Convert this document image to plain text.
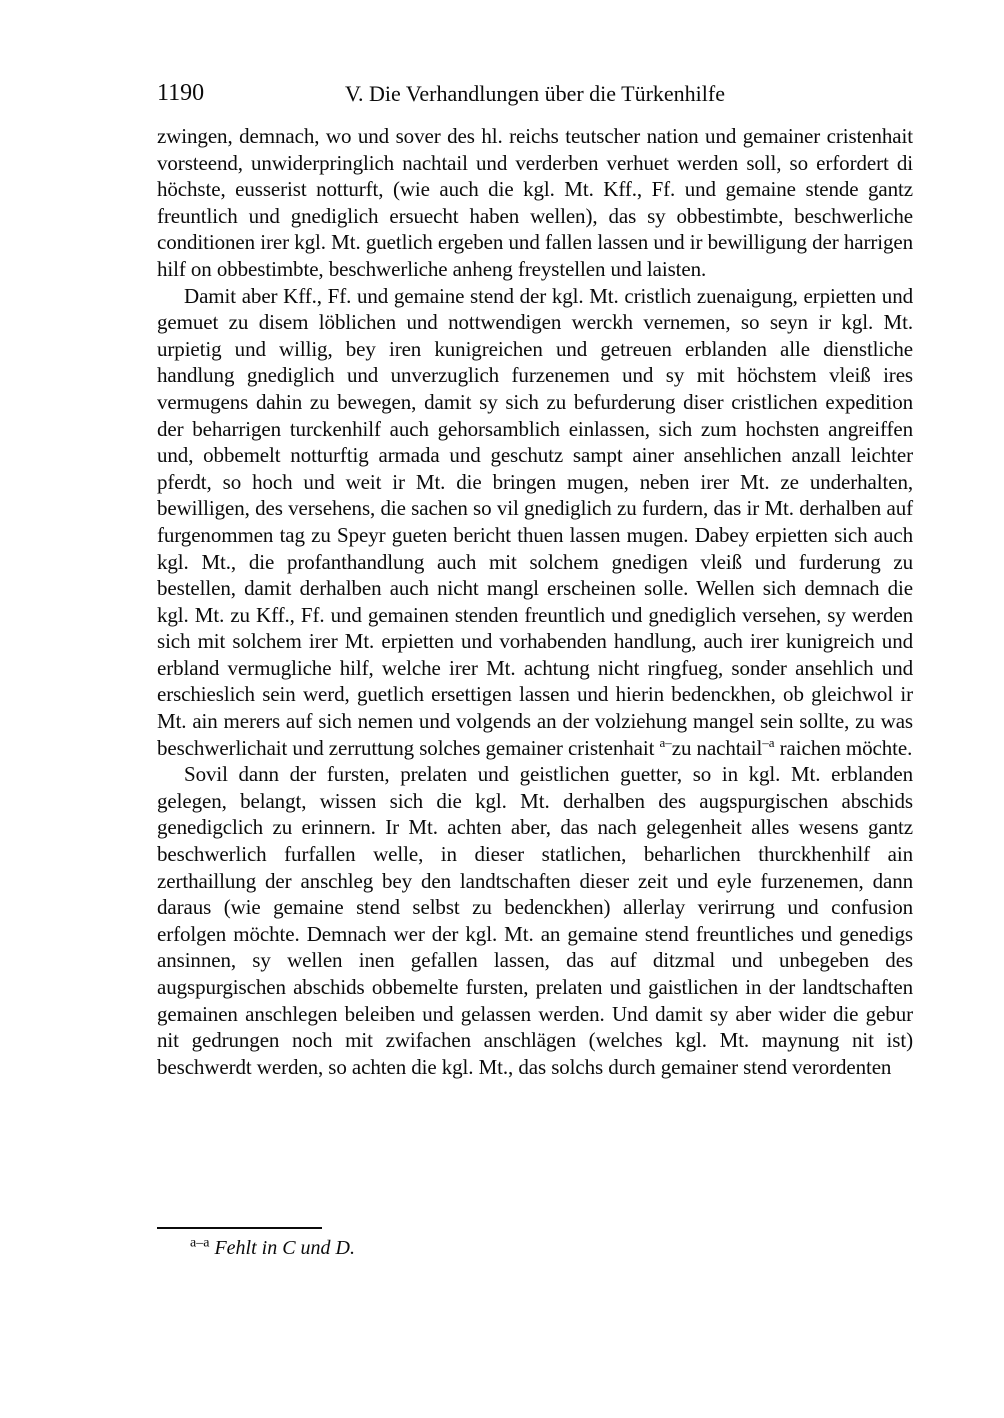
1190	V. Die Verhandlungen über die Türkenhilfe

zwingen, demnach, wo und sover des hl. reichs teutscher nation und gemainer cristenhait vorsteend, unwiderpringlich nachtail und verderben verhuet werden soll, so erfordert di höchste, eusserist notturft, (wie auch die kgl. Mt. Kff., Ff. und gemaine stende gantz freuntlich und gnediglich ersuecht haben wellen), das sy obbestimbte, beschwerliche conditionen irer kgl. Mt. guetlich ergeben und fallen lassen und ir bewilligung der harrigen hilf on obbestimbte, beschwerliche anheng freystellen und laisten.

Damit aber Kff., Ff. und gemaine stend der kgl. Mt. cristlich zuenaigung, erpietten und gemuet zu disem löblichen und nottwendigen werckh vernemen, so seyn ir kgl. Mt. urpietig und willig, bey iren kunigreichen und getreuen erblanden alle dienstliche handlung gnediglich und unverzuglich furzenemen und sy mit höchstem vleiß ires vermugens dahin zu bewegen, damit sy sich zu befurderung diser cristlichen expedition der beharrigen turckenhilf auch gehorsamblich einlassen, sich zum hochsten angreiffen und, obbemelt notturftig armada und geschutz sampt ainer ansehlichen anzall leichter pferdt, so hoch und weit ir Mt. die bringen mugen, neben irer Mt. ze underhalten, bewilligen, des versehens, die sachen so vil gnediglich zu furdern, das ir Mt. derhalben auf furgenommen tag zu Speyr gueten bericht thuen lassen mugen. Dabey erpietten sich auch kgl. Mt., die profanthandlung auch mit solchem gnedigen vleiß und furderung zu bestellen, damit derhalben auch nicht mangl erscheinen solle. Wellen sich demnach die kgl. Mt. zu Kff., Ff. und gemainen stenden freuntlich und gnediglich versehen, sy werden sich mit solchem irer Mt. erpietten und vorhabenden handlung, auch irer kunigreich und erbland vermugliche hilf, welche irer Mt. achtung nicht ringfueg, sonder ansehlich und erschieslich sein werd, guetlich ersettigen lassen und hierin bedenckhen, ob gleichwol ir Mt. ain merers auf sich nemen und volgends an der volziehung mangel sein sollte, zu was beschwerlichait und zerruttung solches gemainer cristenhait $^{a-}$zu nachtail$^{-a}$ raichen möchte.

Sovil dann der fursten, prelaten und geistlichen guetter, so in kgl. Mt. erblanden gelegen, belangt, wissen sich die kgl. Mt. derhalben des augspurgischen abschids genedigclich zu erinnern. Ir Mt. achten aber, das nach gelegenheit alles wesens gantz beschwerlich furfallen welle, in dieser statlichen, beharlichen thurckhenhilf ain zerthaillung der anschleg bey den landtschaften dieser zeit und eyle furzenemen, dann daraus (wie gemaine stend selbst zu bedenckhen) allerlay verirrung und confusion erfolgen möchte. Demnach wer der kgl. Mt. an gemaine stend freuntliches und genedigs ansinnen, sy wellen inen gefallen lassen, das auf ditzmal und unbegeben des augspurgischen abschids obbemelte fursten, prelaten und gaistlichen in der landtschaften gemainen anschlegen beleiben und gelassen werden. Und damit sy aber wider die gebur nit gedrungen noch mit zwifachen anschlägen (welches kgl. Mt. maynung nit ist) beschwerdt werden, so achten die kgl. Mt., das solchs durch gemainer stend verordenten

$^{a-a}$ Fehlt in C und D.
